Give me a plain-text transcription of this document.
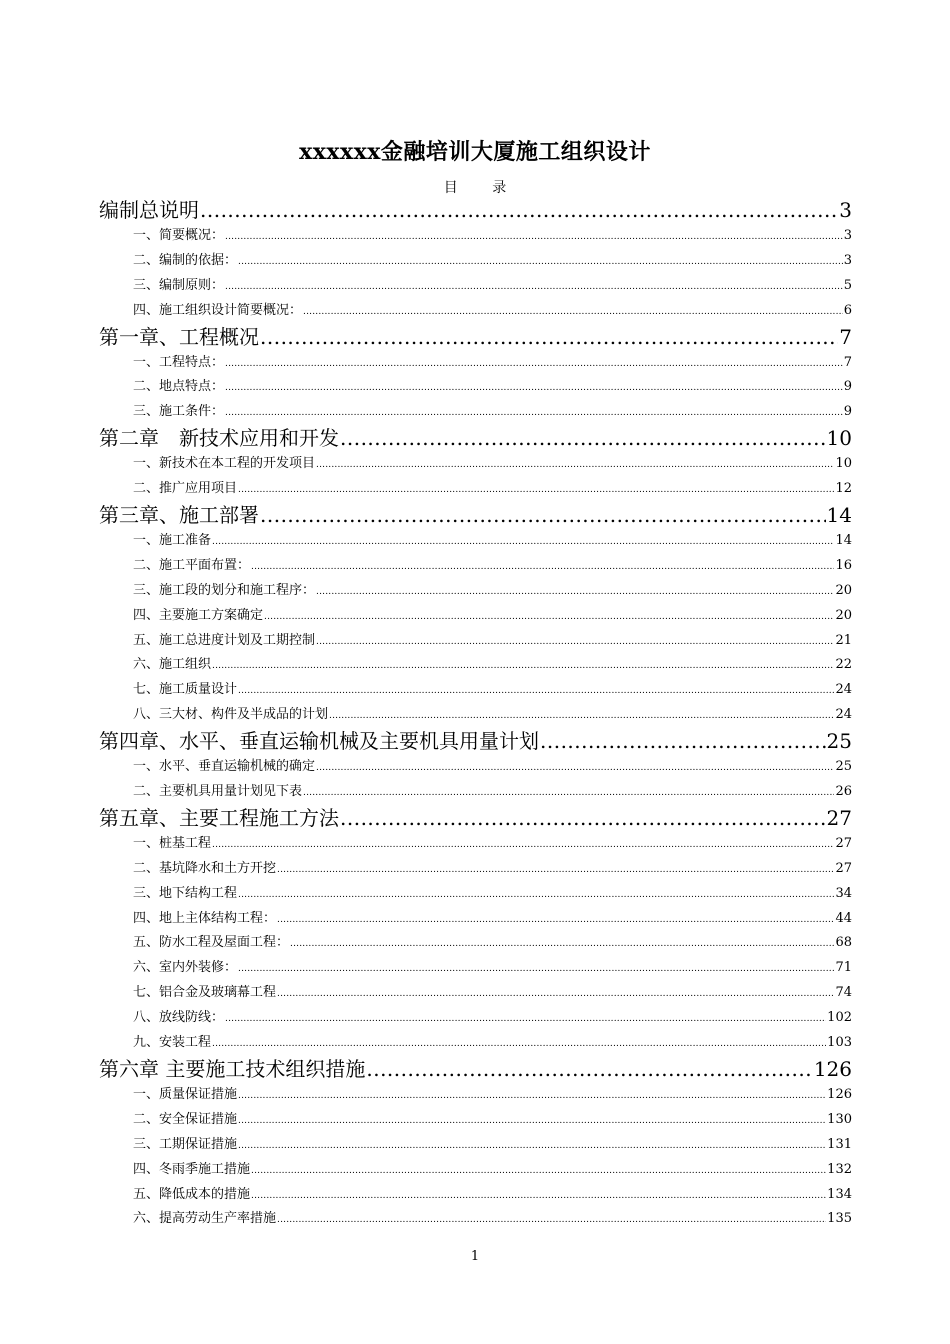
xxxxxx金融培训大厦施工组织设计
目 录
编制总说明 .....	3
一、简要概况： .....	3
二、编制的依据： .....	3
三、编制原则： .....	5
四、施工组织设计简要概况： .....	6
第一章、工程概况 .....	7
一、工程特点： .....	7
二、地点特点： .....	9
三、施工条件： .....	9
第二章　新技术应用和开发 .....	10
一、新技术在本工程的开发项目 .....	10
二、推广应用项目 .....	12
第三章、施工部署 .....	14
一、施工准备 .....	14
二、施工平面布置： .....	16
三、施工段的划分和施工程序： .....	20
四、主要施工方案确定 .....	20
五、施工总进度计划及工期控制 .....	21
六、施工组织 .....	22
七、施工质量设计 .....	24
八、三大材、构件及半成品的计划 .....	24
第四章、水平、垂直运输机械及主要机具用量计划 .....	25
一、水平、垂直运输机械的确定 .....	25
二、主要机具用量计划见下表 .....	26
第五章、主要工程施工方法 .....	27
一、桩基工程 .....	27
二、基坑降水和土方开挖 .....	27
三、地下结构工程 .....	34
四、地上主体结构工程： .....	44
五、防水工程及屋面工程： .....	68
六、室内外装修： .....	71
七、铝合金及玻璃幕工程 .....	74
八、放线防线： .....	102
九、安装工程 .....	103
第六章 主要施工技术组织措施 .....	126
一、质量保证措施 .....	126
二、安全保证措施 .....	130
三、工期保证措施 .....	131
四、冬雨季施工措施 .....	132
五、降低成本的措施 .....	134
六、提高劳动生产率措施 .....	135
1
